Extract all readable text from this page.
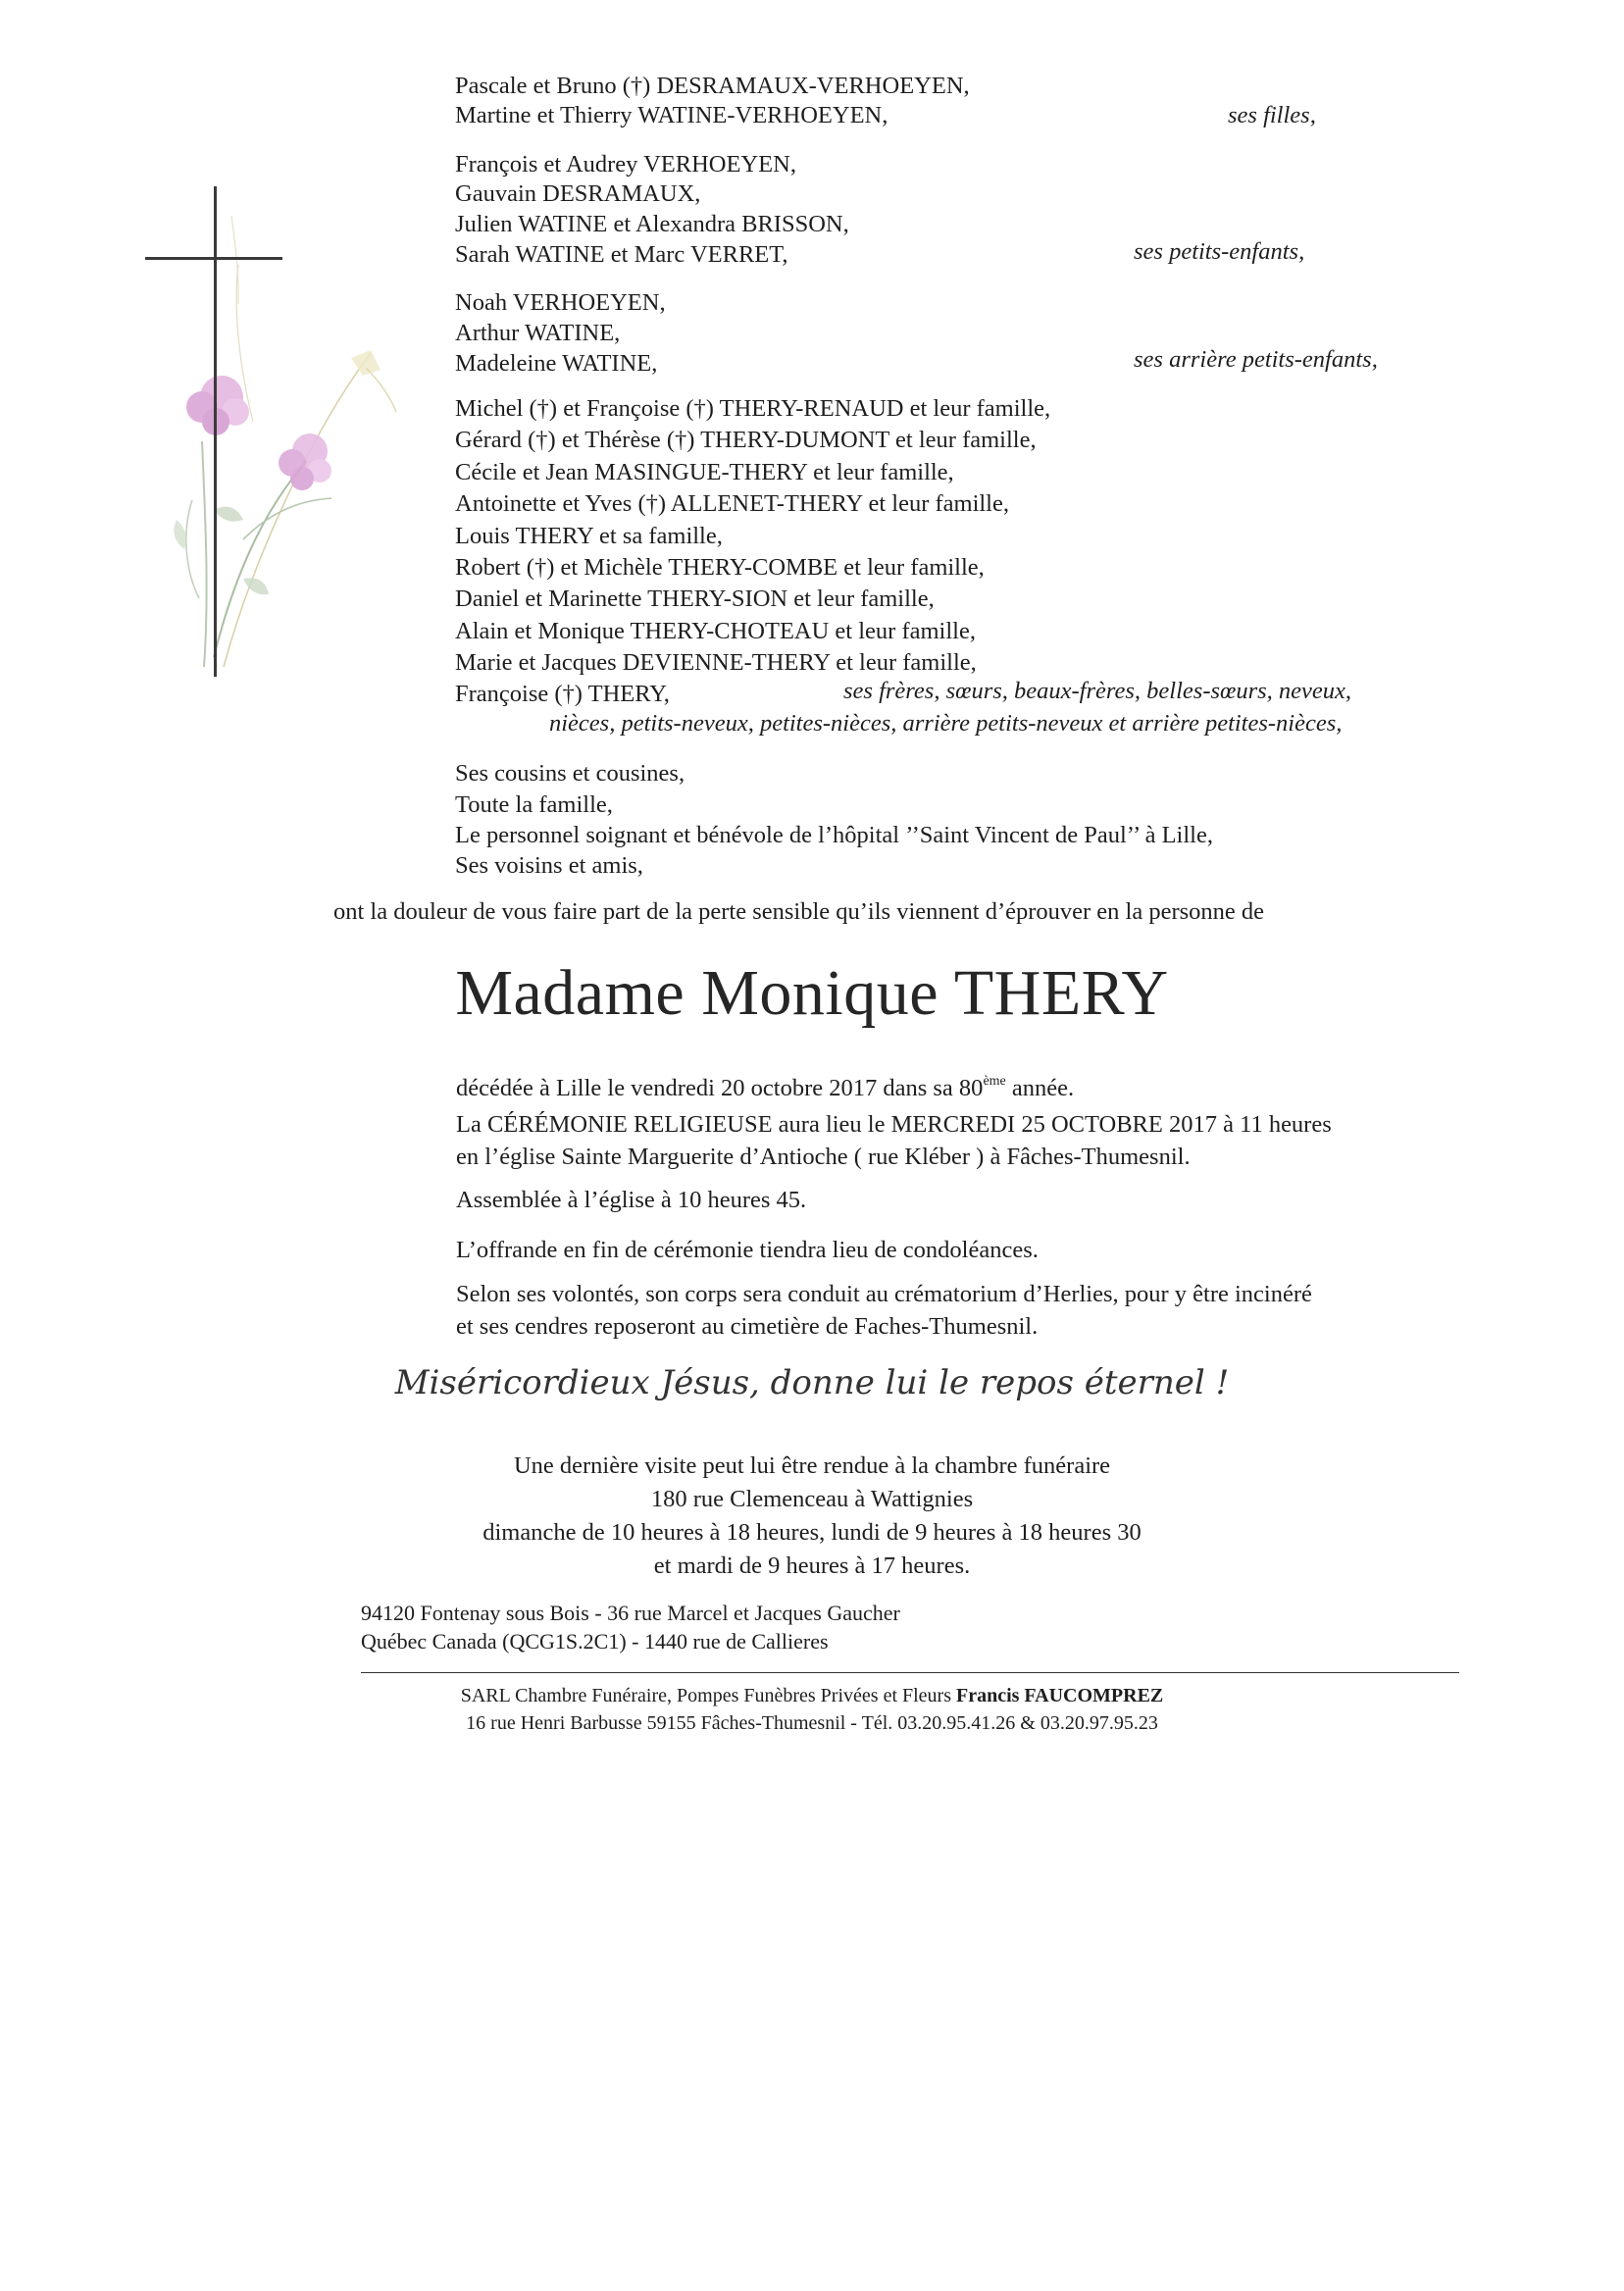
Pascale et Bruno (†) DESRAMAUX-VERHOEYEN,
Martine et Thierry WATINE-VERHOEYEN,	ses filles,
François et Audrey VERHOEYEN,
Gauvain DESRAMAUX,
Julien WATINE et Alexandra BRISSON,
Sarah WATINE et Marc VERRET,	ses petits-enfants,
Noah VERHOEYEN,
Arthur WATINE,
Madeleine WATINE,	ses arrière petits-enfants,
Michel (†) et Françoise (†) THERY-RENAUD et leur famille,
Gérard (†) et Thérèse (†) THERY-DUMONT et leur famille,
Cécile et Jean MASINGUE-THERY et leur famille,
Antoinette et Yves (†) ALLENET-THERY et leur famille,
Louis THERY et sa famille,
Robert (†) et Michèle THERY-COMBE et leur famille,
Daniel et Marinette THERY-SION et leur famille,
Alain et Monique THERY-CHOTEAU et leur famille,
Marie et Jacques DEVIENNE-THERY et leur famille,
Françoise (†) THERY,	ses frères, sœurs, beaux-frères, belles-sœurs, neveux,
nièces, petits-neveux, petites-nièces, arrière petits-neveux et arrière petites-nièces,
Ses cousins et cousines,
Toute la famille,
Le personnel soignant et bénévole de l’hôpital ’’Saint Vincent de Paul’’ à Lille,
Ses voisins et amis,
ont la douleur de vous faire part de la perte sensible qu’ils viennent d’éprouver en la personne de
Madame Monique THERY

décédée à Lille le vendredi 20 octobre 2017 dans sa 80ème année.

La CÉRÉMONIE RELIGIEUSE aura lieu le MERCREDI 25 OCTOBRE 2017 à 11 heures

en l’église Sainte Marguerite d’Antioche ( rue Kléber ) à Fâches-Thumesnil.

Assemblée à l’église à 10 heures 45.
L’offrande en fin de cérémonie tiendra lieu de condoléances.

Selon ses volontés, son corps sera conduit au crématorium d’Herlies, pour y être incinéré

et ses cendres reposeront au cimetière de Faches-Thumesnil.

Miséricordieux Jésus, donne lui le repos éternel !
Une dernière visite peut lui être rendue à la chambre funéraire
180 rue Clemenceau à Wattignies
dimanche de 10 heures à 18 heures, lundi de 9 heures à 18 heures 30
et mardi de 9 heures à 17 heures.
94120 Fontenay sous Bois - 36 rue Marcel et Jacques Gaucher
Québec Canada (QCG1S.2C1) - 1440 rue de Callieres
SARL Chambre Funéraire, Pompes Funèbres Privées et Fleurs Francis FAUCOMPREZ
16 rue Henri Barbusse 59155 Fâches-Thumesnil - Tél. 03.20.95.41.26 & 03.20.97.95.23
